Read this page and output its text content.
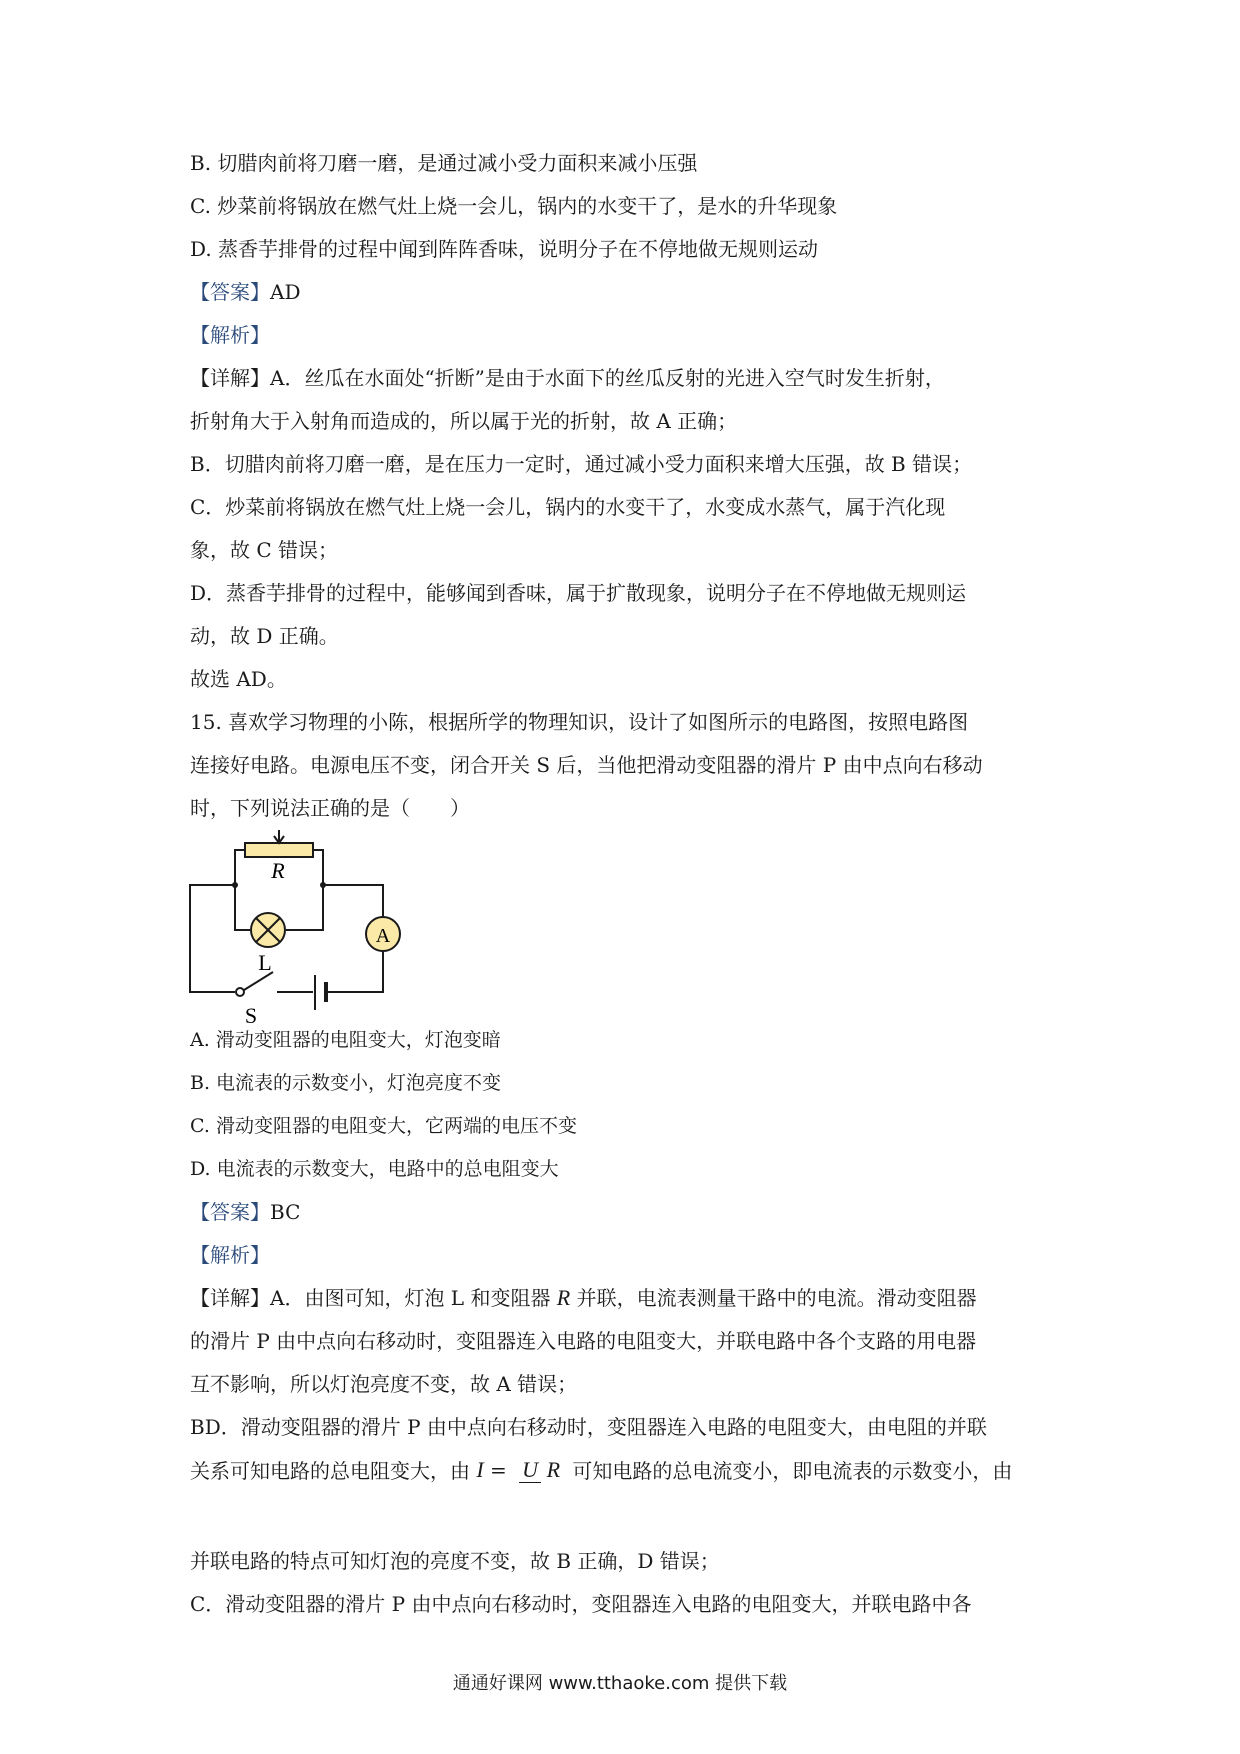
B. 切腊肉前将刀磨一磨，是通过减小受力面积来减小压强
C. 炒菜前将锅放在燃气灶上烧一会儿，锅内的水变干了，是水的升华现象
D. 蒸香芋排骨的过程中闻到阵阵香味，说明分子在不停地做无规则运动
【答案】AD
【解析】
【详解】A．丝瓜在水面处“折断”是由于水面下的丝瓜反射的光进入空气时发生折射，
折射角大于入射角而造成的，所以属于光的折射，故 A 正确；
B．切腊肉前将刀磨一磨，是在压力一定时，通过减小受力面积来增大压强，故 B 错误；
C．炒菜前将锅放在燃气灶上烧一会儿，锅内的水变干了，水变成水蒸气，属于汽化现
象，故 C 错误；
D．蒸香芋排骨的过程中，能够闻到香味，属于扩散现象，说明分子在不停地做无规则运
动，故 D 正确。
故选 AD。
15. 喜欢学习物理的小陈，根据所学的物理知识，设计了如图所示的电路图，按照电路图
连接好电路。电源电压不变，闭合开关 S 后，当他把滑动变阻器的滑片 P 由中点向右移动
时，下列说法正确的是（　　）
R
L
A
S
A. 滑动变阻器的电阻变大，灯泡变暗
B. 电流表的示数变小，灯泡亮度不变
C. 滑动变阻器的电阻变大，它两端的电压不变
D. 电流表的示数变大，电路中的总电阻变大
【答案】BC
【解析】
【详解】A．由图可知，灯泡 L 和变阻器 R 并联，电流表测量干路中的电流。滑动变阻器
的滑片 P 由中点向右移动时，变阻器连入电路的电阻变大，并联电路中各个支路的用电器
互不影响，所以灯泡亮度不变，故 A 错误；
BD．滑动变阻器的滑片 P 由中点向右移动时，变阻器连入电路的电阻变大，由电阻的并联
关系可知电路的总电阻变大，由 I = U R 可知电路的总电流变小，即电流表的示数变小，由
并联电路的特点可知灯泡的亮度不变，故 B 正确，D 错误；
C．滑动变阻器的滑片 P 由中点向右移动时，变阻器连入电路的电阻变大，并联电路中各
通通好课网 www.tthaoke.com 提供下载
